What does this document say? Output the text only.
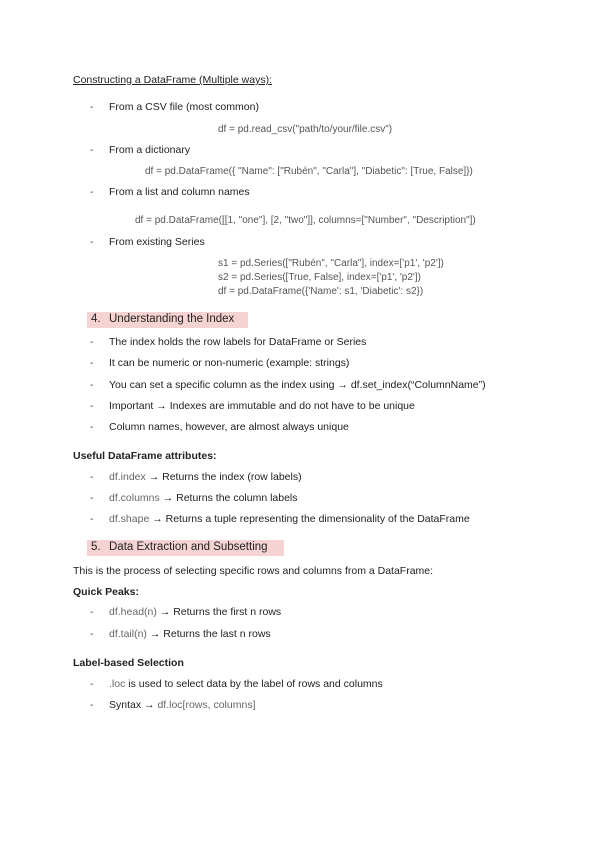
Constructing a DataFrame (Multiple ways):
- From a CSV file (most common)
df = pd.read_csv("path/to/your/file.csv")
- From a dictionary
df = pd.DataFrame({ "Name": ["Rubén", "Carla"], "Diabetic": [True, False]})
- From a list and column names
df = pd.DataFrame([[1, "one"], [2, "two"]], columns=["Number", "Description"])
- From existing Series
s1 = pd.Series(["Rubén", "Carla"], index=['p1', 'p2'])
s2 = pd.Series([True, False], index=['p1', 'p2'])
df = pd.DataFrame({'Name': s1, 'Diabetic': s2})
4. Understanding the Index
- The index holds the row labels for DataFrame or Series
- It can be numeric or non-numeric (example: strings)
- You can set a specific column as the index using → df.set_index(“ColumnName”)
- Important → Indexes are immutable and do not have to be unique
- Column names, however, are almost always unique
Useful DataFrame attributes:
- df.index → Returns the index (row labels)
- df.columns → Returns the column labels
- df.shape → Returns a tuple representing the dimensionality of the DataFrame
5. Data Extraction and Subsetting
This is the process of selecting specific rows and columns from a DataFrame:
Quick Peaks:
- df.head(n) → Returns the first n rows
- df.tail(n) → Returns the last n rows
Label-based Selection
- .loc is used to select data by the label of rows and columns
- Syntax → df.loc[rows, columns]
